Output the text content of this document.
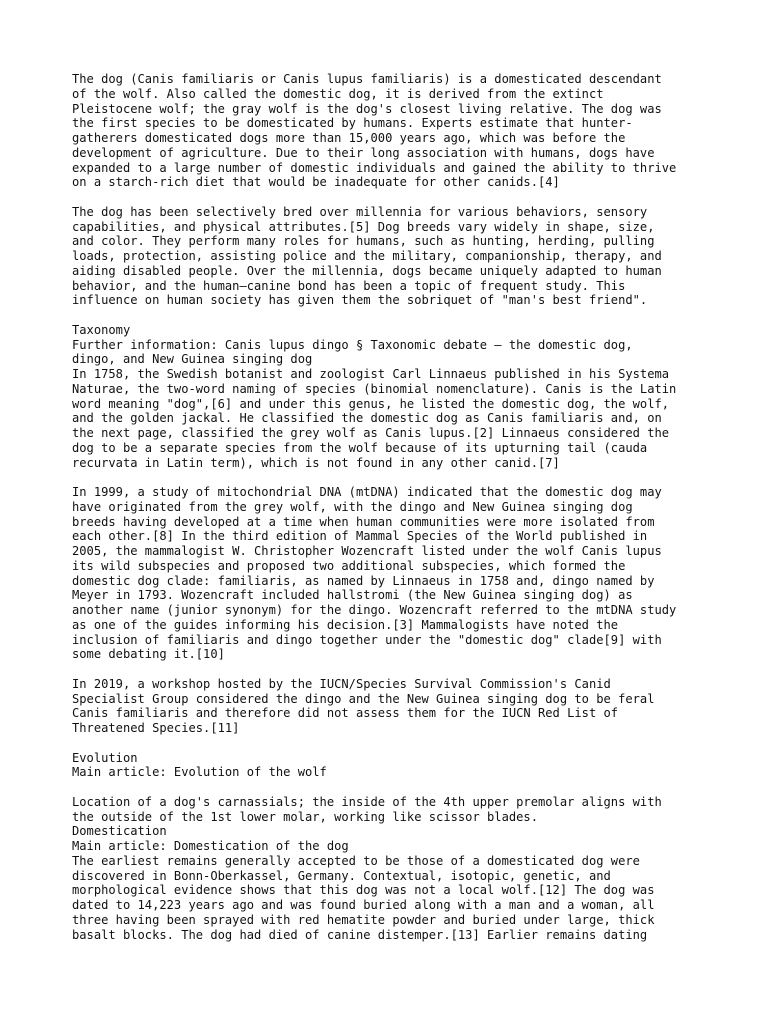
The dog (Canis familiaris or Canis lupus familiaris) is a domesticated descendant
of the wolf. Also called the domestic dog, it is derived from the extinct
Pleistocene wolf; the gray wolf is the dog's closest living relative. The dog was
the first species to be domesticated by humans. Experts estimate that hunter-
gatherers domesticated dogs more than 15,000 years ago, which was before the
development of agriculture. Due to their long association with humans, dogs have
expanded to a large number of domestic individuals and gained the ability to thrive
on a starch-rich diet that would be inadequate for other canids.[4]
The dog has been selectively bred over millennia for various behaviors, sensory
capabilities, and physical attributes.[5] Dog breeds vary widely in shape, size,
and color. They perform many roles for humans, such as hunting, herding, pulling
loads, protection, assisting police and the military, companionship, therapy, and
aiding disabled people. Over the millennia, dogs became uniquely adapted to human
behavior, and the human–canine bond has been a topic of frequent study. This
influence on human society has given them the sobriquet of "man's best friend".
Taxonomy
Further information: Canis lupus dingo § Taxonomic debate – the domestic dog,
dingo, and New Guinea singing dog
In 1758, the Swedish botanist and zoologist Carl Linnaeus published in his Systema
Naturae, the two-word naming of species (binomial nomenclature). Canis is the Latin
word meaning "dog",[6] and under this genus, he listed the domestic dog, the wolf,
and the golden jackal. He classified the domestic dog as Canis familiaris and, on
the next page, classified the grey wolf as Canis lupus.[2] Linnaeus considered the
dog to be a separate species from the wolf because of its upturning tail (cauda
recurvata in Latin term), which is not found in any other canid.[7]
In 1999, a study of mitochondrial DNA (mtDNA) indicated that the domestic dog may
have originated from the grey wolf, with the dingo and New Guinea singing dog
breeds having developed at a time when human communities were more isolated from
each other.[8] In the third edition of Mammal Species of the World published in
2005, the mammalogist W. Christopher Wozencraft listed under the wolf Canis lupus
its wild subspecies and proposed two additional subspecies, which formed the
domestic dog clade: familiaris, as named by Linnaeus in 1758 and, dingo named by
Meyer in 1793. Wozencraft included hallstromi (the New Guinea singing dog) as
another name (junior synonym) for the dingo. Wozencraft referred to the mtDNA study
as one of the guides informing his decision.[3] Mammalogists have noted the
inclusion of familiaris and dingo together under the "domestic dog" clade[9] with
some debating it.[10]
In 2019, a workshop hosted by the IUCN/Species Survival Commission's Canid
Specialist Group considered the dingo and the New Guinea singing dog to be feral
Canis familiaris and therefore did not assess them for the IUCN Red List of
Threatened Species.[11]
Evolution
Main article: Evolution of the wolf
Location of a dog's carnassials; the inside of the 4th upper premolar aligns with
the outside of the 1st lower molar, working like scissor blades.
Domestication
Main article: Domestication of the dog
The earliest remains generally accepted to be those of a domesticated dog were
discovered in Bonn-Oberkassel, Germany. Contextual, isotopic, genetic, and
morphological evidence shows that this dog was not a local wolf.[12] The dog was
dated to 14,223 years ago and was found buried along with a man and a woman, all
three having been sprayed with red hematite powder and buried under large, thick
basalt blocks. The dog had died of canine distemper.[13] Earlier remains dating
